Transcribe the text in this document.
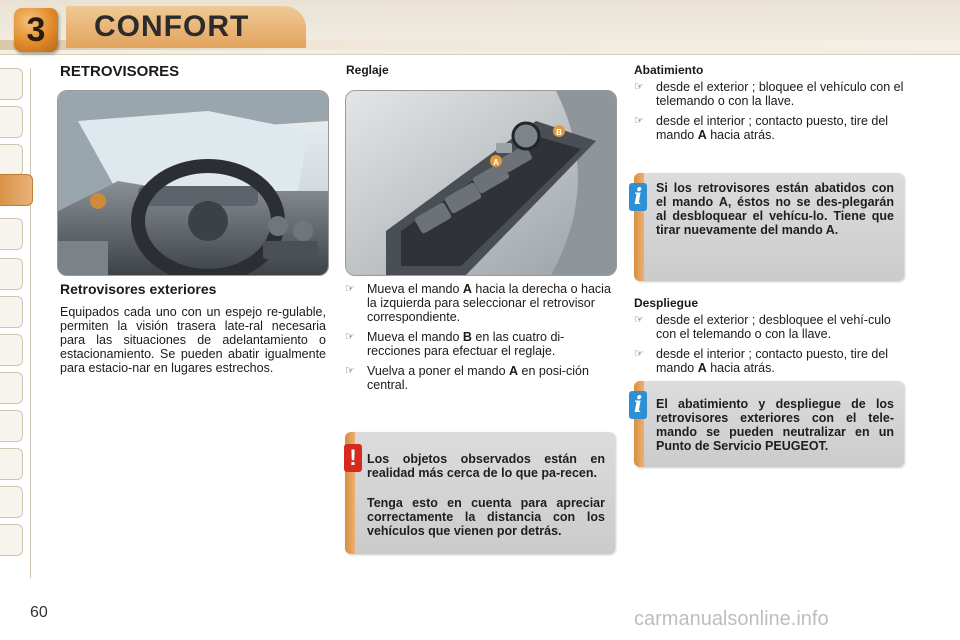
3	CONFORT
RETROVISORES
Retrovisores exteriores
Equipados cada uno con un espejo re-gulable, permiten la visión trasera late-ral necesaria para las situaciones de adelantamiento o estacionamiento. Se pueden abatir igualmente para estacio-nar en lugares estrechos.
Reglaje
A
B
☞ Mueva el mando A hacia la derecha o hacia la izquierda para seleccionar el retrovisor correspondiente.
☞ Mueva el mando B en las cuatro di-recciones para efectuar el reglaje.
☞ Vuelva a poner el mando A en posi-ción central.
Los objetos observados están en realidad más cerca de lo que pa-recen.
Tenga esto en cuenta para apreciar correctamente la distancia con los vehículos que vienen por detrás.
!
Abatimiento
☞ desde el exterior ; bloquee el vehículo con el telemando o con la llave.
☞ desde el interior ; contacto puesto, tire del mando A hacia atrás.
Si los retrovisores están abatidos con el mando A, éstos no se des-plegarán al desbloquear el vehícu-lo. Tiene que tirar nuevamente del mando A.
i
Despliegue
☞ desde el exterior ; desbloquee el vehí-culo con el telemando o con la llave.
☞ desde el interior ; contacto puesto, tire del mando A hacia atrás.
El abatimiento y despliegue de los retrovisores exteriores con el tele-mando se pueden neutralizar en un Punto de Servicio PEUGEOT.
i
60	carmanualsonline.info
